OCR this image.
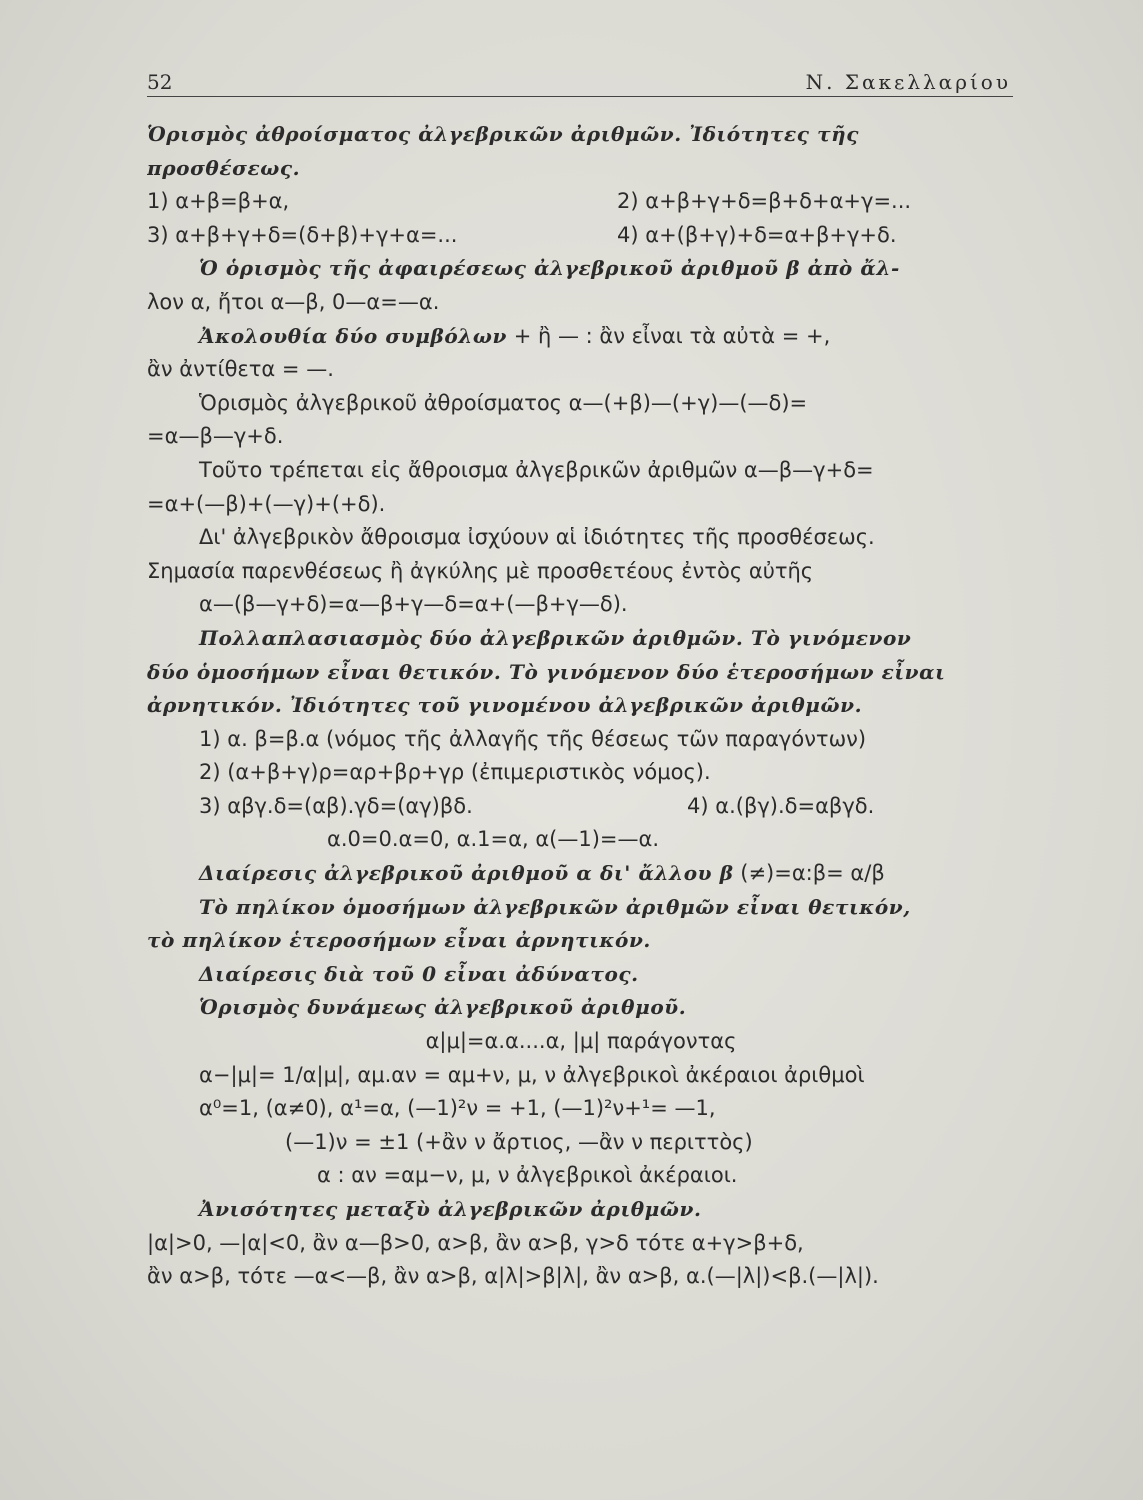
52	Ν. Σακελλαρίου
Ὁρισμὸς ἀθροίσματος ἀλγεβρικῶν ἀριθμῶν. Ἰδιότητες τῆς
προσθέσεως.
1) α+β=β+α,	2) α+β+γ+δ=β+δ+α+γ=...
3) α+β+γ+δ=(δ+β)+γ+α=...	4) α+(β+γ)+δ=α+β+γ+δ.
Ὁ ὁρισμὸς τῆς ἀφαιρέσεως ἀλγεβρικοῦ ἀριθμοῦ β ἀπὸ ἄλ-
λον α, ἤτοι α—β, 0—α=—α.
Ἀκολουθία δύο συμβόλων + ἢ — : ἂν εἶναι τὰ αὐτὰ = +,
ἂν ἀντίθετα = —.
Ὁρισμὸς ἀλγεβρικοῦ ἀθροίσματος α—(+β)—(+γ)—(—δ)=
=α—β—γ+δ.
Τοῦτο τρέπεται εἰς ἄθροισμα ἀλγεβρικῶν ἀριθμῶν α—β—γ+δ=
=α+(—β)+(—γ)+(+δ).
Δι' ἀλγεβρικὸν ἄθροισμα ἰσχύουν αἱ ἰδιότητες τῆς προσθέσεως.
Σημασία παρενθέσεως ἢ ἀγκύλης μὲ προσθετέους ἐντὸς αὐτῆς
α—(β—γ+δ)=α—β+γ—δ=α+(—β+γ—δ).
Πολλαπλασιασμὸς δύο ἀλγεβρικῶν ἀριθμῶν. Τὸ γινόμενον
δύο ὁμοσήμων εἶναι θετικόν. Τὸ γινόμενον δύο ἑτεροσήμων εἶναι
ἀρνητικόν. Ἰδιότητες τοῦ γινομένου ἀλγεβρικῶν ἀριθμῶν.
1) α. β=β.α (νόμος τῆς ἀλλαγῆς τῆς θέσεως τῶν παραγόντων)
2) (α+β+γ)ρ=αρ+βρ+γρ (ἐπιμεριστικὸς νόμος).
3) αβγ.δ=(αβ).γδ=(αγ)βδ.	4) α.(βγ).δ=αβγδ.
α.0=0.α=0, α.1=α, α(—1)=—α.
Διαίρεσις ἀλγεβρικοῦ ἀριθμοῦ α δι' ἄλλου β (≠)=α:β= α/β
Τὸ πηλίκον ὁμοσήμων ἀλγεβρικῶν ἀριθμῶν εἶναι θετικόν,
τὸ πηλίκον ἑτεροσήμων εἶναι ἀρνητικόν.
Διαίρεσις διὰ τοῦ 0 εἶναι ἀδύνατος.
Ὁρισμὸς δυνάμεως ἀλγεβρικοῦ ἀριθμοῦ.
α|μ|=α.α....α, |μ| παράγοντας
α−|μ|= 1/α|μ|, αμ.αν = αμ+ν, μ, ν ἀλγεβρικοὶ ἀκέραιοι ἀριθμοὶ
α⁰=1, (α≠0), α¹=α, (—1)²ν = +1, (—1)²ν+¹= —1,
(—1)ν = ±1 (+ἂν ν ἄρτιος, —ἂν ν περιττὸς)
α : αν =αμ−ν, μ, ν ἀλγεβρικοὶ ἀκέραιοι.
Ἀνισότητες μεταξὺ ἀλγεβρικῶν ἀριθμῶν.
|α|>0, —|α|<0, ἂν α—β>0, α>β, ἂν α>β, γ>δ τότε α+γ>β+δ,
ἂν α>β, τότε —α<—β, ἂν α>β, α|λ|>β|λ|, ἂν α>β, α.(—|λ|)<β.(—|λ|).
